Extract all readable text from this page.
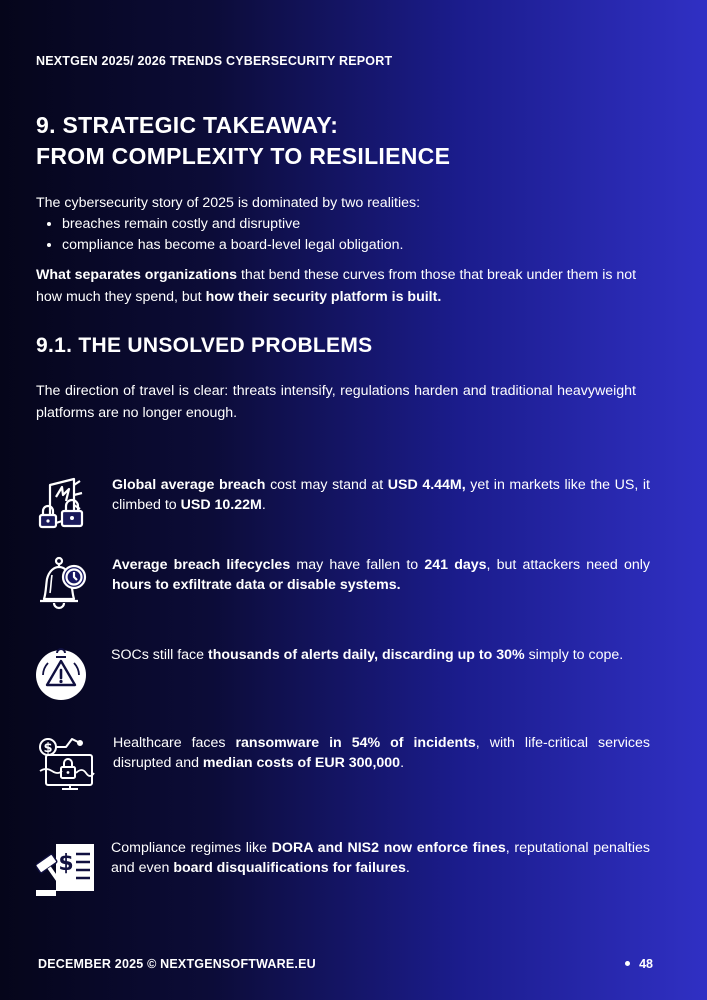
NEXTGEN 2025/ 2026 TRENDS CYBERSECURITY REPORT
9. STRATEGIC TAKEAWAY:
FROM COMPLEXITY TO RESILIENCE
The cybersecurity story of 2025 is dominated by two realities:
• breaches remain costly and disruptive
• compliance has become a board-level legal obligation.
What separates organizations that bend these curves from those that break under them is not how much they spend, but how their security platform is built.
9.1. THE UNSOLVED PROBLEMS
The direction of travel is clear: threats intensify, regulations harden and traditional heavyweight platforms are no longer enough.
Global average breach cost may stand at USD 4.44M, yet in markets like the US, it climbed to USD 10.22M.
Average breach lifecycles may have fallen to 241 days, but attackers need only hours to exfiltrate data or disable systems.
SOCs still face thousands of alerts daily, discarding up to 30% simply to cope.
$	Healthcare faces ransomware in 54% of incidents, with life-critical services disrupted and median costs of EUR 300,000.
$
Compliance regimes like DORA and NIS2 now enforce fines, reputational penalties and even board disqualifications for failures.
DECEMBER 2025 © NEXTGENSOFTWARE.EU	48
